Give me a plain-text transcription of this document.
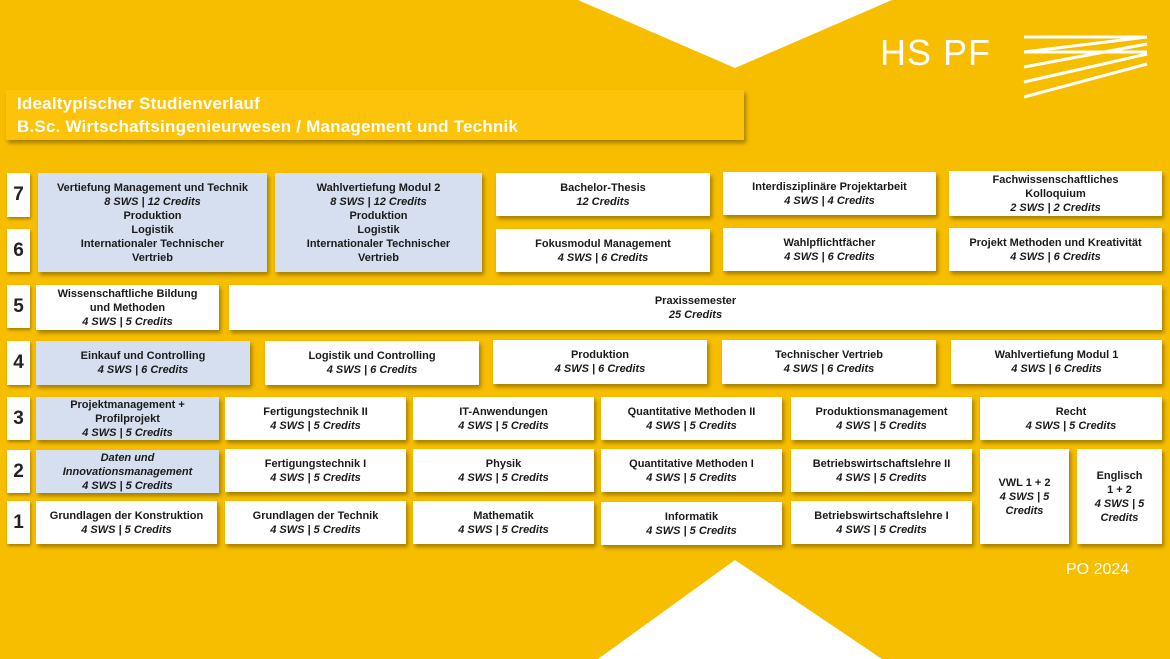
HS PF
Idealtypischer Studienverlauf
B.Sc. Wirtschaftsingenieurwesen / Management und Technik
7
6
5
4
3
2
1
Vertiefung Management und Technik
8 SWS | 12 Credits
Produktion
Logistik
Internationaler Technischer
Vertrieb
Wahlvertiefung Modul 2
8 SWS | 12 Credits
Produktion
Logistik
Internationaler Technischer
Vertrieb
Bachelor-Thesis
12 Credits
Interdisziplinäre Projektarbeit
4 SWS | 4 Credits
Fachwissenschaftliches
Kolloquium
2 SWS | 2 Credits
Fokusmodul Management
4 SWS | 6 Credits
Wahlpflichtfächer
4 SWS | 6 Credits
Projekt Methoden und Kreativität
4 SWS | 6 Credits
Wissenschaftliche Bildung
und Methoden
4 SWS | 5 Credits
Praxissemester
25 Credits
Einkauf und Controlling
4 SWS | 6 Credits
Logistik und Controlling
4 SWS | 6 Credits
Produktion
4 SWS | 6 Credits
Technischer Vertrieb
4 SWS | 6 Credits
Wahlvertiefung Modul 1
4 SWS | 6 Credits
Projektmanagement +
Profilprojekt
4 SWS | 5 Credits
Fertigungstechnik II
4 SWS | 5 Credits
IT-Anwendungen
4 SWS | 5 Credits
Quantitative Methoden II
4 SWS | 5 Credits
Produktionsmanagement
4 SWS | 5 Credits
Recht
4 SWS | 5 Credits
Daten und
Innovationsmanagement
4 SWS | 5 Credits
Fertigungstechnik I
4 SWS | 5 Credits
Physik
4 SWS | 5 Credits
Quantitative Methoden I
4 SWS | 5 Credits
Betriebswirtschaftslehre II
4 SWS | 5 Credits	VWL 1 + 2
4 SWS | 5
Credits
Englisch
1 + 2
4 SWS | 5
Credits
Grundlagen der Konstruktion
4 SWS | 5 Credits
Grundlagen der Technik
4 SWS | 5 Credits
Mathematik
4 SWS | 5 Credits
Informatik
4 SWS | 5 Credits
Betriebswirtschaftslehre I
4 SWS | 5 Credits
PO 2024
